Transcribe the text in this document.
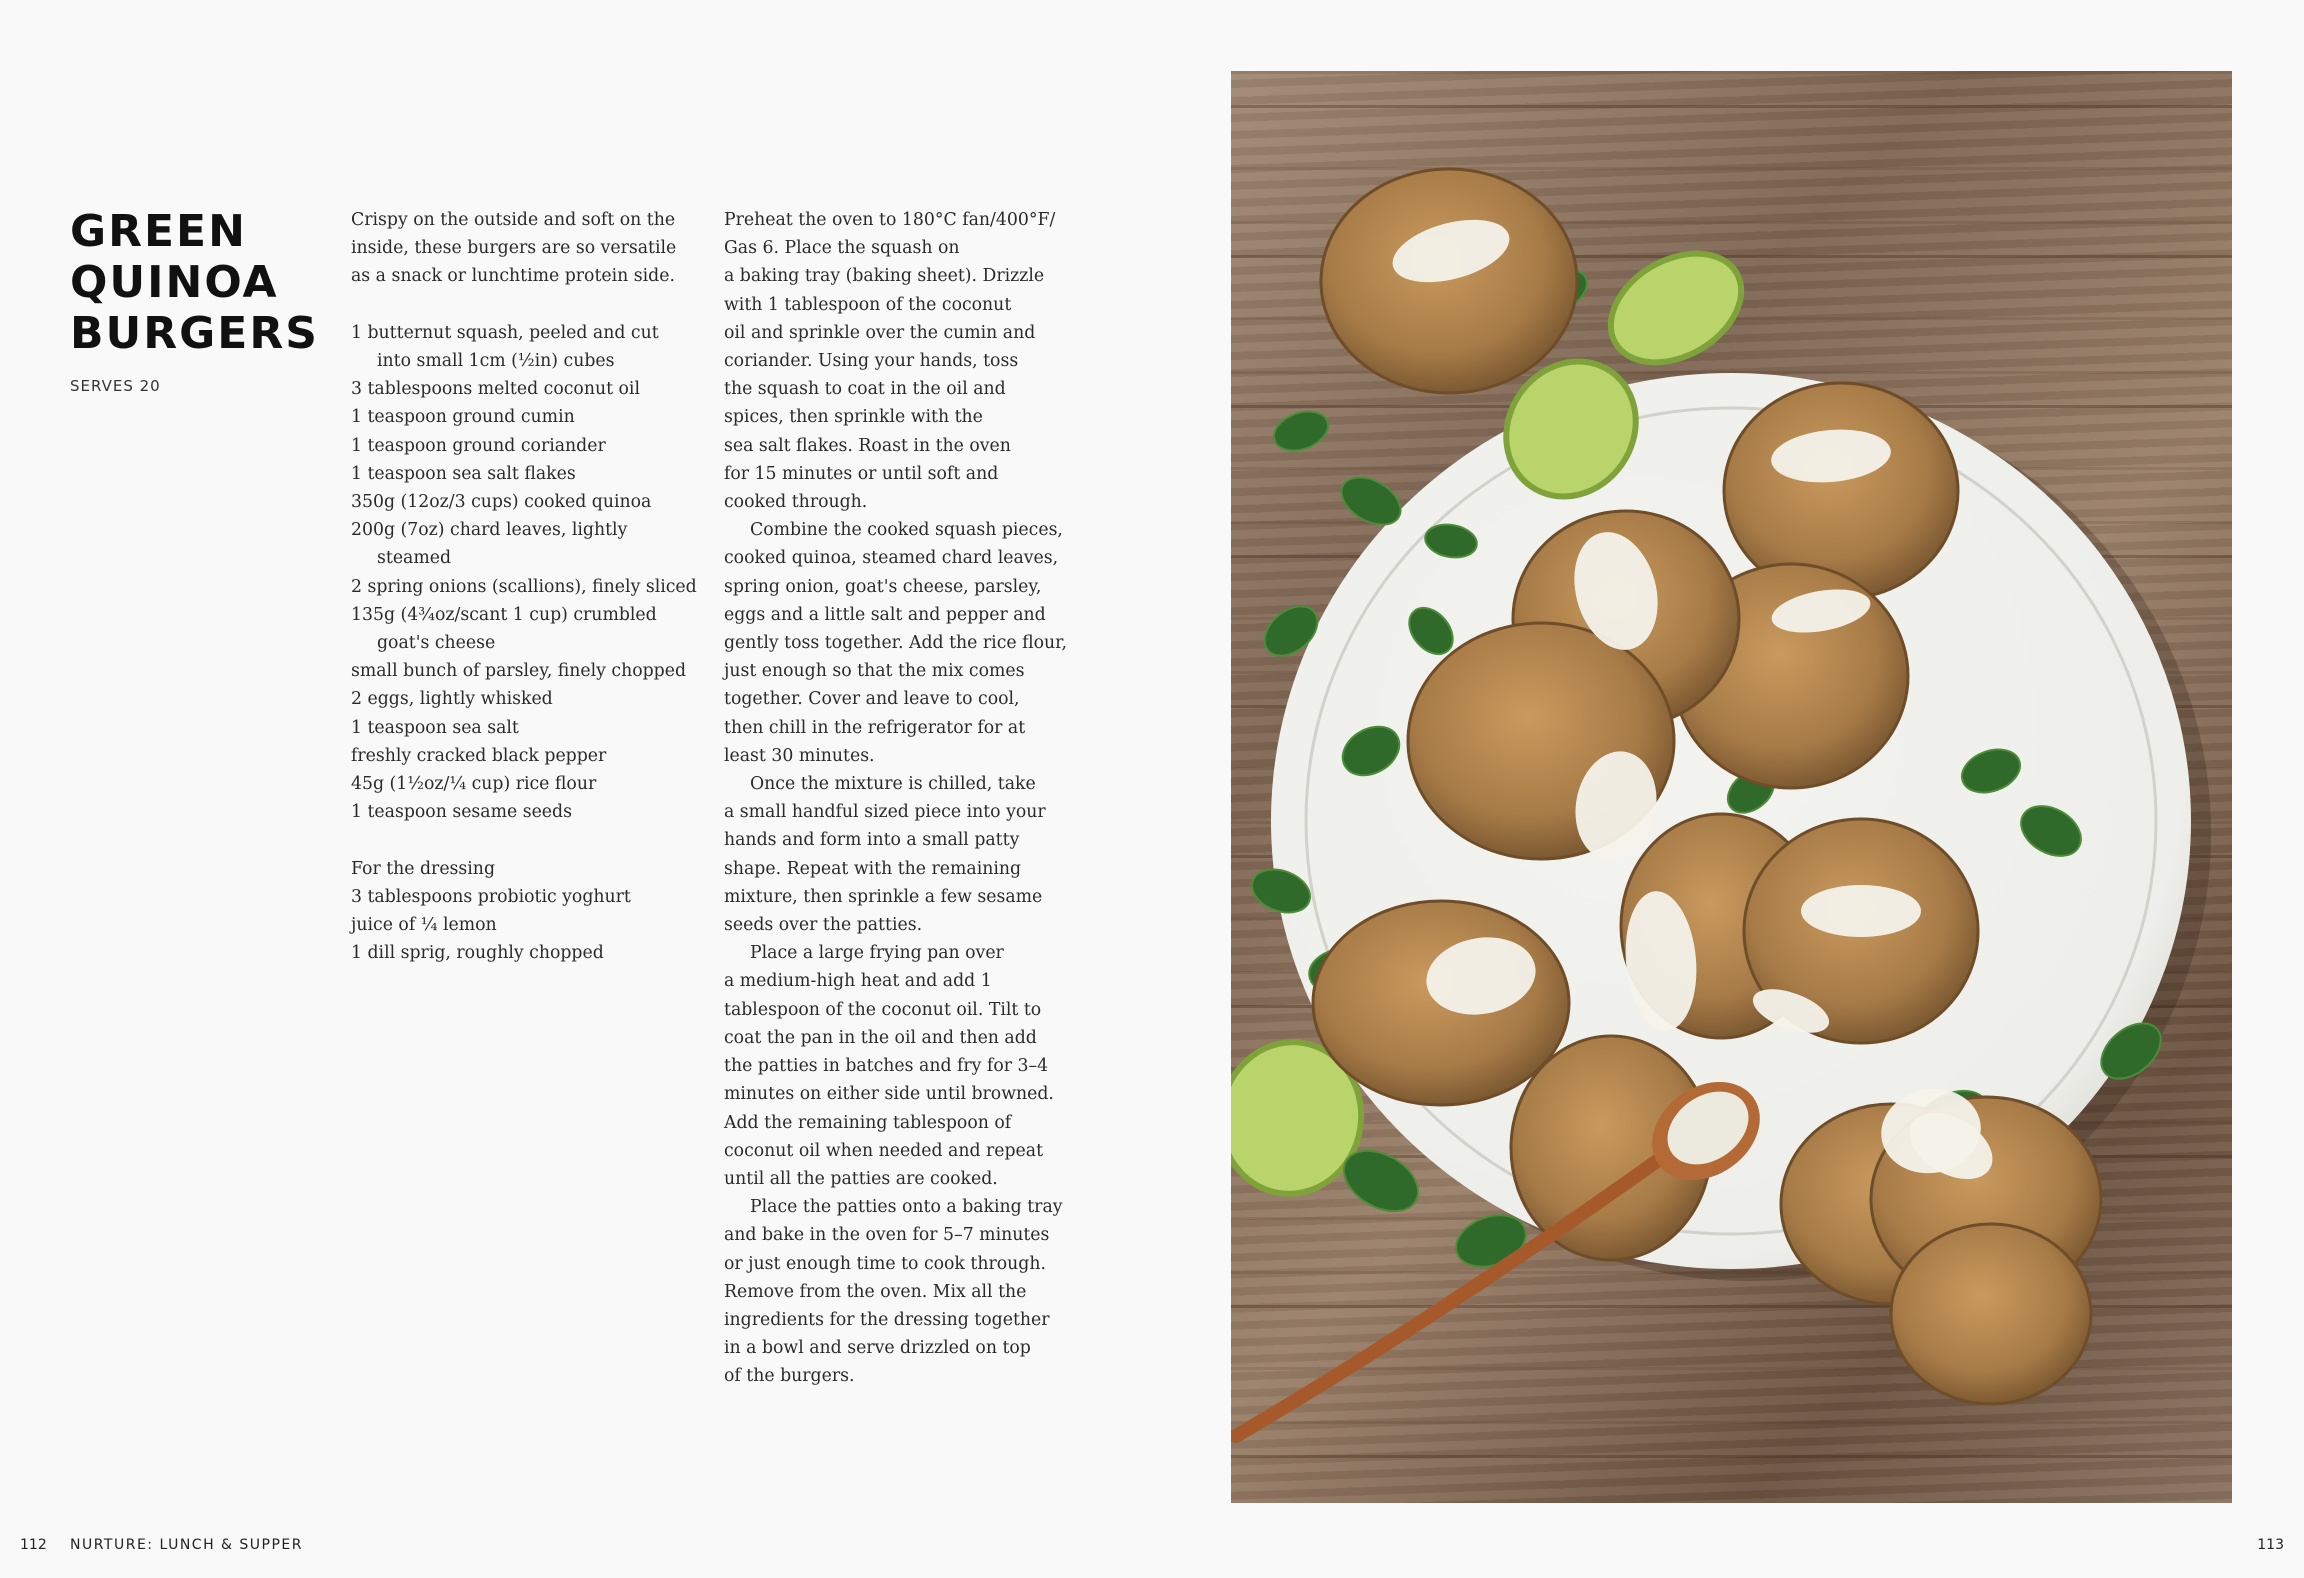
GREEN
QUINOA
BURGERS
SERVES 20

Crispy on the outside and soft on the
inside, these burgers are so versatile
as a snack or lunchtime protein side.

1 butternut squash, peeled and cut
into small 1cm (½in) cubes

3 tablespoons melted coconut oil

1 teaspoon ground cumin

1 teaspoon ground coriander

1 teaspoon sea salt flakes

350g (12oz/3 cups) cooked quinoa

200g (7oz) chard leaves, lightly
steamed

2 spring onions (scallions), finely sliced

135g (4¾oz/scant 1 cup) crumbled
goat's cheese

small bunch of parsley, finely chopped

2 eggs, lightly whisked

1 teaspoon sea salt

freshly cracked black pepper

45g (1½oz/¼ cup) rice flour

1 teaspoon sesame seeds

For the dressing

3 tablespoons probiotic yoghurt

juice of ¼ lemon

1 dill sprig, roughly chopped

Preheat the oven to 180°C fan/400°F/
Gas 6. Place the squash on
a baking tray (baking sheet). Drizzle
with 1 tablespoon of the coconut
oil and sprinkle over the cumin and
coriander. Using your hands, toss
the squash to coat in the oil and
spices, then sprinkle with the
sea salt flakes. Roast in the oven
for 15 minutes or until soft and
cooked through.

Combine the cooked squash pieces,
cooked quinoa, steamed chard leaves,
spring onion, goat's cheese, parsley,
eggs and a little salt and pepper and
gently toss together. Add the rice flour,
just enough so that the mix comes
together. Cover and leave to cool,
then chill in the refrigerator for at
least 30 minutes.

Once the mixture is chilled, take
a small handful sized piece into your
hands and form into a small patty
shape. Repeat with the remaining
mixture, then sprinkle a few sesame
seeds over the patties.

Place a large frying pan over
a medium-high heat and add 1
tablespoon of the coconut oil. Tilt to
coat the pan in the oil and then add
the patties in batches and fry for 3–4
minutes on either side until browned.
Add the remaining tablespoon of
coconut oil when needed and repeat
until all the patties are cooked.

Place the patties onto a baking tray
and bake in the oven for 5–7 minutes
or just enough time to cook through.
Remove from the oven. Mix all the
ingredients for the dressing together
in a bowl and serve drizzled on top
of the burgers.

112 NURTURE: LUNCH & SUPPER	113
